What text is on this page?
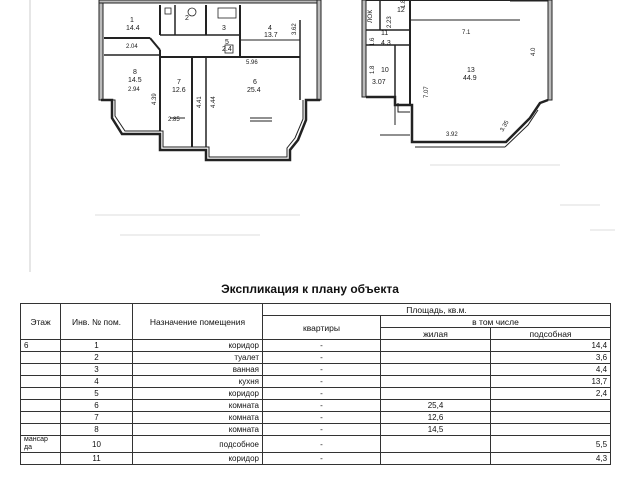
1
14.4
2
3	4
13.7
5
2.4
6
25.4
7
12.6
8
14.5
2.04
2.94
4.39	4.41
5.96
4.44
2.85
3.62
ЛОК	12
10
3.07
11
4.3
13
44.9
2.23
1.8
1.6
1.8
7.1
4.0
7.07
3.35
3.92
Экспликация к плану объекта
Этаж	Инв. № пом.	Назначение помещения	Площадь, кв.м.		
			квартиры	в том числе	
				жилая	подсобная
6	1	коридор	-		14,4
	2	туалет	-		3,6
	3	ванная	-		4,4
	4	кухня	-		13,7
	5	коридор	-		2,4
	6	комната	-	25,4	
	7	комната	-	12,6	
	8	комната	-	14,5	
мансар да	10	подсобное	-		5,5
	11	коридор	-		4,3
